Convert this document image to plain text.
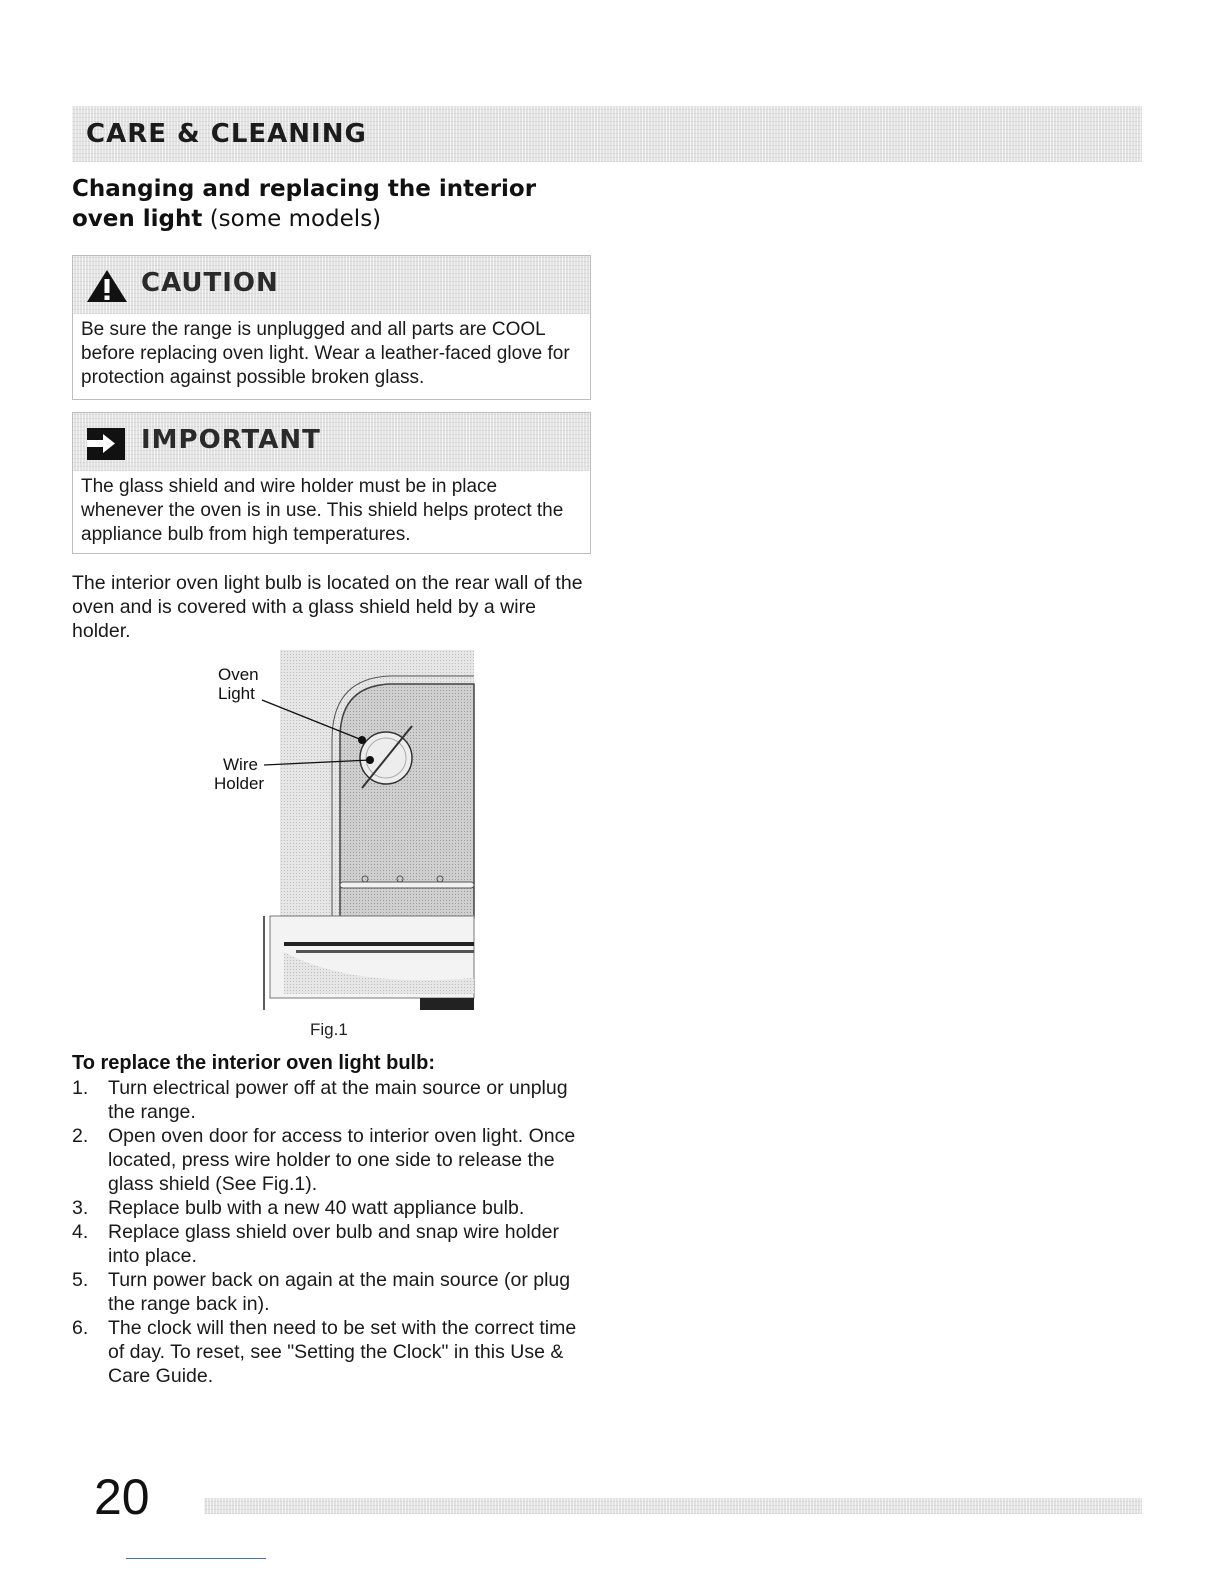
CARE & CLEANING
Changing and replacing the interior oven light (some models)
CAUTION
Be sure the range is unplugged and all parts are COOL before replacing oven light. Wear a leather-faced glove for protection against possible broken glass.
IMPORTANT
The glass shield and wire holder must be in place whenever the oven is in use. This shield helps protect the appliance bulb from high temperatures.
The interior oven light bulb is located on the rear wall of the oven and is covered with a glass shield held by a wire holder.
Oven
Light
Wire
Holder
Fig.1
To replace the interior oven light bulb:
1. Turn electrical power off at the main source or unplug the range.
2. Open oven door for access to interior oven light. Once located, press wire holder to one side to release the glass shield (See Fig.1).
3. Replace bulb with a new 40 watt appliance bulb.
4. Replace glass shield over bulb and snap wire holder into place.
5. Turn power back on again at the main source (or plug the range back in).
6. The clock will then need to be set with the correct time of day. To reset, see "Setting the Clock" in this Use & Care Guide.
20
